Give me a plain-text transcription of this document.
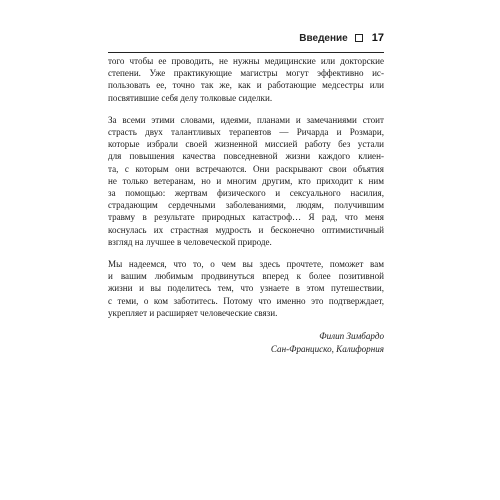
Введение 17
того чтобы ее проводить, не нужны медицинские или докторские
степени. Уже практикующие магистры могут эффективно ис-
пользовать ее, точно так же, как и работающие медсестры или
посвятившие себя делу толковые сиделки.
За всеми этими словами, идеями, планами и замечаниями стоит
страсть двух талантливых терапевтов — Ричарда и Розмари,
которые избрали своей жизненной миссией работу без устали
для повышения качества повседневной жизни каждого клиен-
та, с которым они встречаются. Они раскрывают свои объятия
не только ветеранам, но и многим другим, кто приходит к ним
за помощью: жертвам физического и сексуального насилия,
страдающим сердечными заболеваниями, людям, получившим
травму в результате природных катастроф… Я рад, что меня
коснулась их страстная мудрость и бесконечно оптимистичный
взгляд на лучшее в человеческой природе.
Мы надеемся, что то, о чем вы здесь прочтете, поможет вам
и вашим любимым продвинуться вперед к более позитивной
жизни и вы поделитесь тем, что узнаете в этом путешествии,
с теми, о ком заботитесь. Потому что именно это подтверждает,
укрепляет и расширяет человеческие связи.
Филип Зимбардо
Сан-Франциско, Калифорния
